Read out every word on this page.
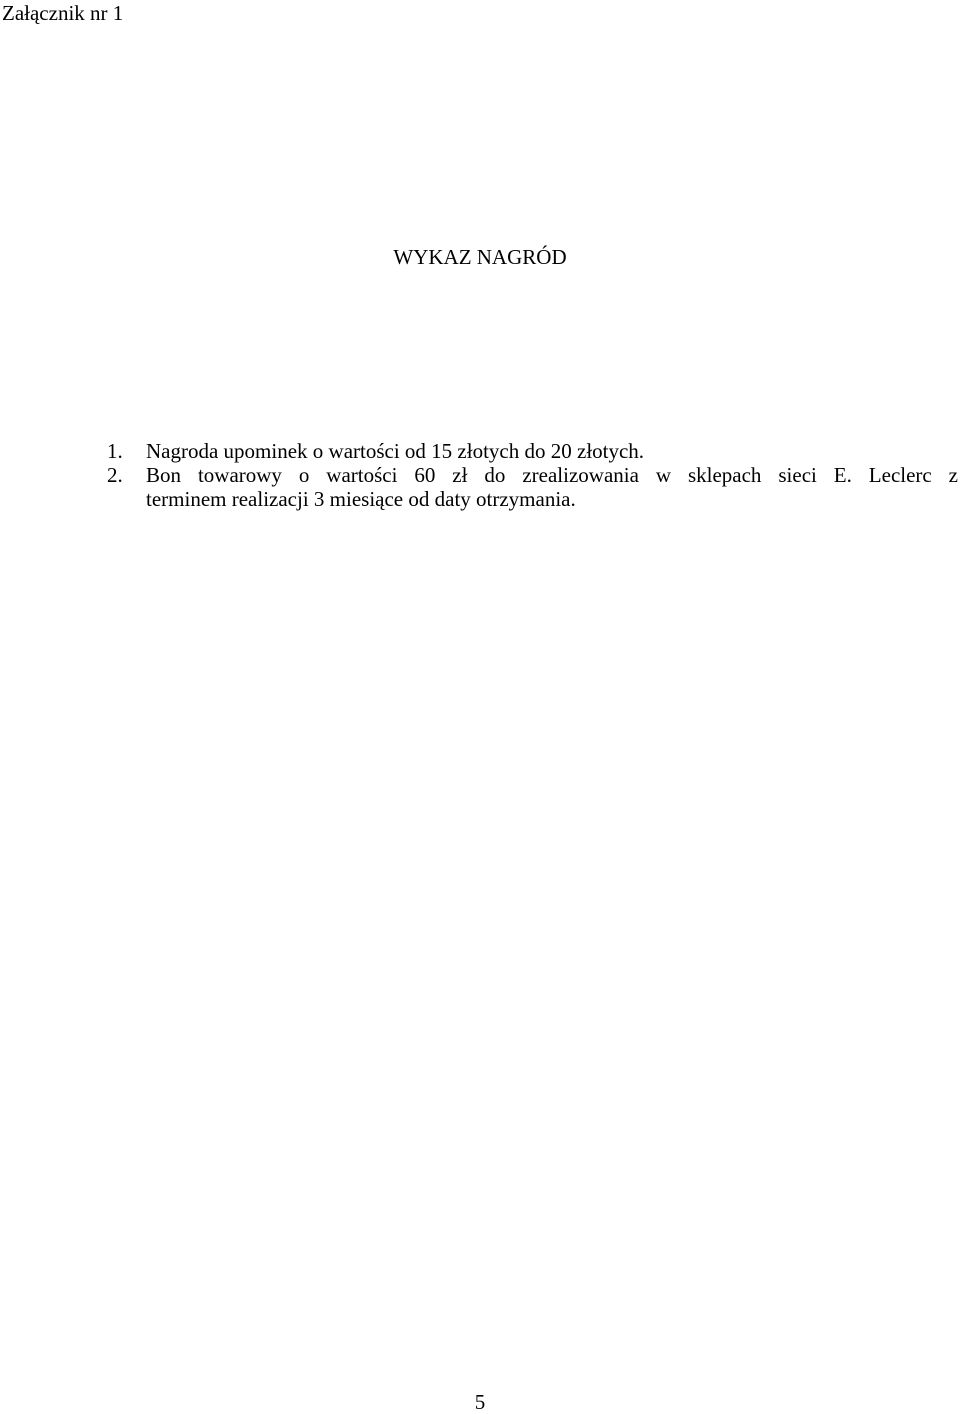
Załącznik nr 1
WYKAZ NAGRÓD
1.	Nagroda upominek o wartości od 15 złotych do 20 złotych.
2.	Bon towarowy o wartości 60 zł do zrealizowania w sklepach sieci E. Leclerc z
terminem realizacji 3 miesiące od daty otrzymania.
5
